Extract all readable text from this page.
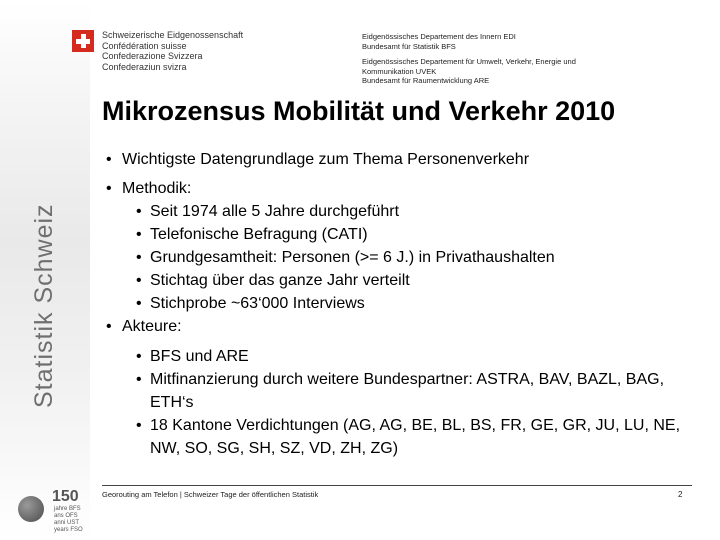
Statistik Schweiz
150
jahre BFS
ans OFS
anni UST
years FSO
Schweizerische Eidgenossenschaft
Confédération suisse
Confederazione Svizzera
Confederaziun svizra
Eidgenössisches Departement des Innern EDI
Bundesamt für Statistik BFS
Eidgenössisches Departement für Umwelt, Verkehr, Energie und
Kommunikation UVEK
Bundesamt für Raumentwicklung ARE
Mikrozensus Mobilität und Verkehr 2010
• Wichtigste Datengrundlage zum Thema Personenverkehr
• Methodik:
• Seit 1974 alle 5 Jahre durchgeführt
• Telefonische Befragung (CATI)
• Grundgesamtheit: Personen (>= 6 J.) in Privathaushalten
• Stichtag über das ganze Jahr verteilt
• Stichprobe ~63‘000 Interviews
• Akteure:
• BFS und ARE
• Mitfinanzierung durch weitere Bundespartner: ASTRA, BAV, BAZL, BAG, ETH‘s
• 18 Kantone Verdichtungen (AG, AG, BE, BL, BS, FR, GE, GR, JU, LU, NE, NW, SO, SG, SH, SZ, VD, ZH, ZG)
Georouting am Telefon | Schweizer Tage der öffentlichen Statistik	2
